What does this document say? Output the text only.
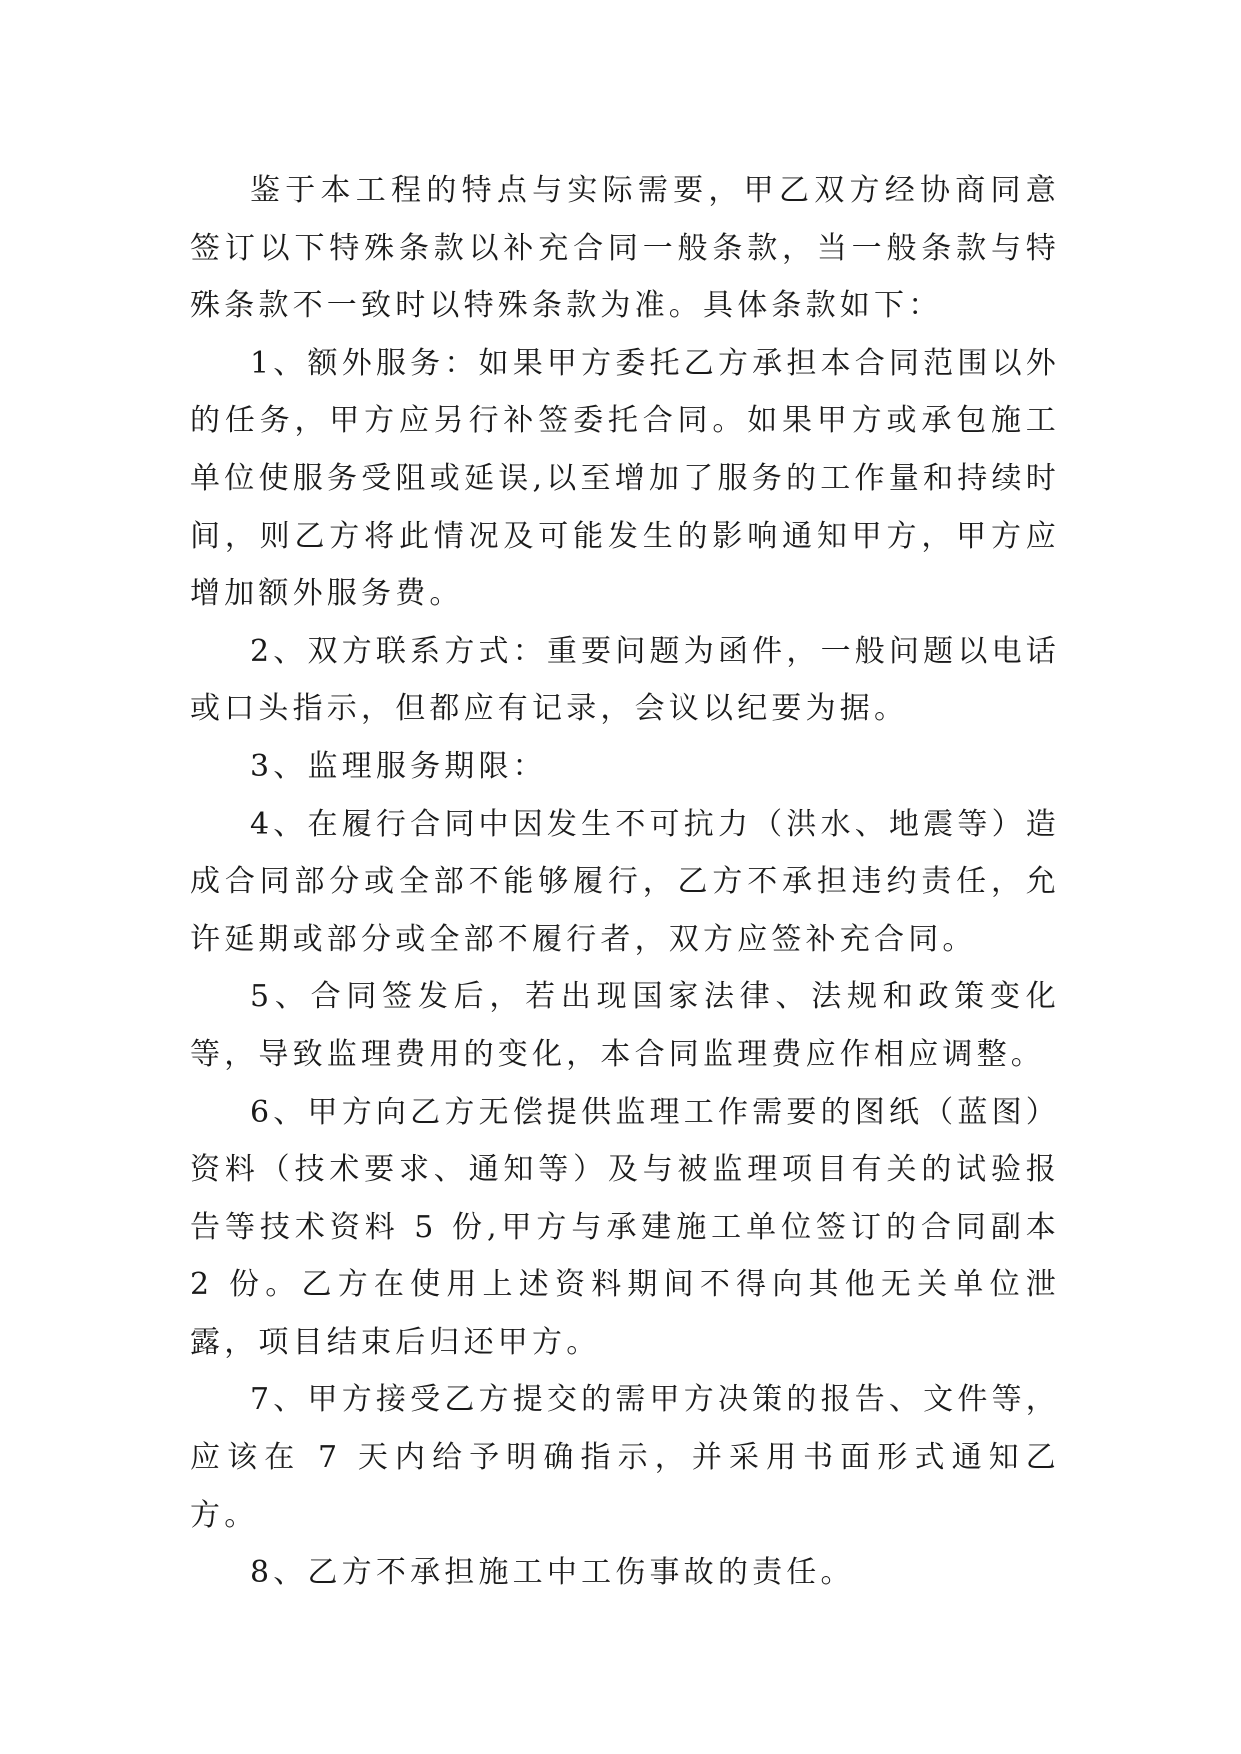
鉴于本工程的特点与实际需要，甲乙双方经协商同意签订以下特殊条款以补充合同一般条款，当一般条款与特殊条款不一致时以特殊条款为准。具体条款如下：

1、额外服务：如果甲方委托乙方承担本合同范围以外的任务，甲方应另行补签委托合同。如果甲方或承包施工单位使服务受阻或延误,以至增加了服务的工作量和持续时间，则乙方将此情况及可能发生的影响通知甲方，甲方应增加额外服务费。

2、双方联系方式：重要问题为函件，一般问题以电话或口头指示，但都应有记录，会议以纪要为据。

3、监理服务期限：

4、在履行合同中因发生不可抗力（洪水、地震等）造成合同部分或全部不能够履行，乙方不承担违约责任，允许延期或部分或全部不履行者，双方应签补充合同。

5、合同签发后，若出现国家法律、法规和政策变化等，导致监理费用的变化，本合同监理费应作相应调整。

6、甲方向乙方无偿提供监理工作需要的图纸（蓝图）资料（技术要求、通知等）及与被监理项目有关的试验报告等技术资料 5 份,甲方与承建施工单位签订的合同副本 2 份。乙方在使用上述资料期间不得向其他无关单位泄露，项目结束后归还甲方。

7、甲方接受乙方提交的需甲方决策的报告、文件等，应该在 7 天内给予明确指示，并采用书面形式通知乙方。

8、乙方不承担施工中工伤事故的责任。
